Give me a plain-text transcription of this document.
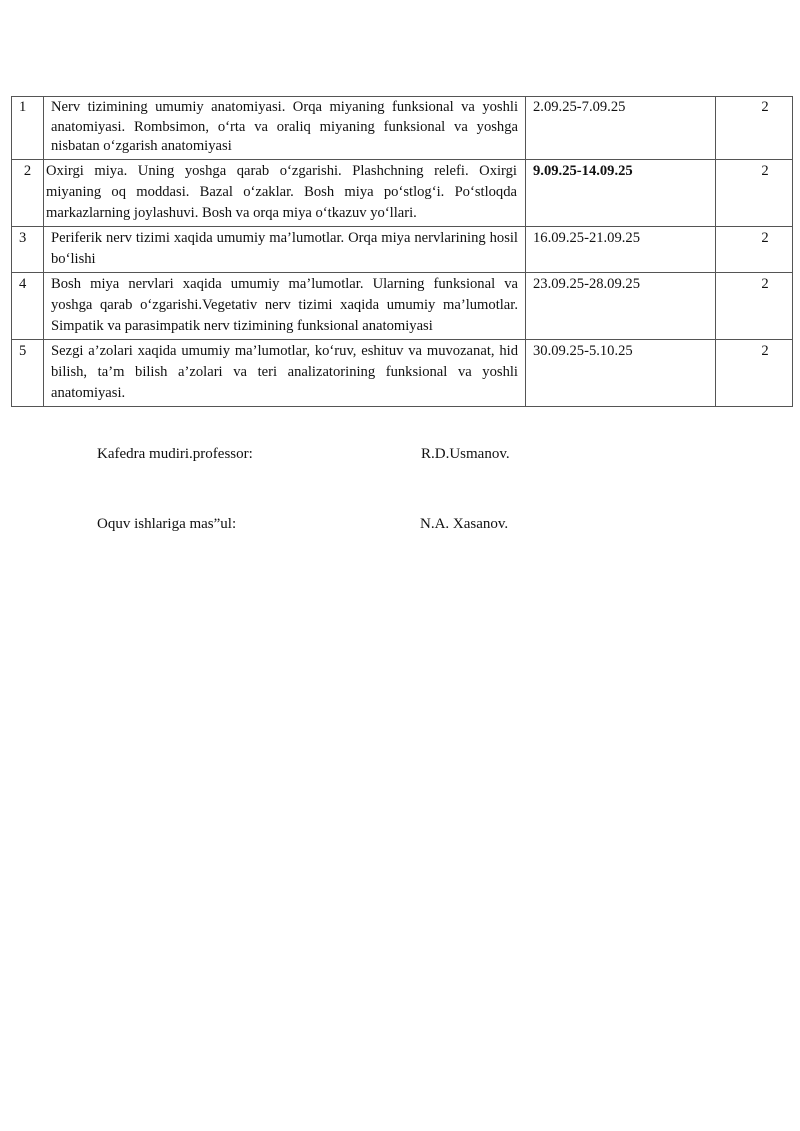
1	Nerv tizimining umumiy anatomiyasi. Orqa miyaning funksional va yoshli anatomiyasi. Rombsimon, o‘rta va oraliq miyaning funksional va yoshga nisbatan o‘zgarish anatomiyasi	2.09.25-7.09.25	2
2	Oxirgi miya. Uning yoshga qarab o‘zgarishi. Plashchning relefi. Oxirgi miyaning oq moddasi. Bazal o‘zaklar. Bosh miya po‘stlog‘i. Po‘stloqda markazlarning joylashuvi. Bosh va orqa miya o‘tkazuv yo‘llari.	9.09.25-14.09.25	2
3	Periferik nerv tizimi xaqida umumiy ma’lumotlar. Orqa miya nervlarining hosil bo‘lishi	16.09.25-21.09.25	2
4	Bosh miya nervlari xaqida umumiy ma’lumotlar. Ularning funksional va yoshga qarab o‘zgarishi.Vegetativ nerv tizimi xaqida umumiy ma’lumotlar. Simpatik va parasimpatik nerv tizimining funksional anatomiyasi	23.09.25-28.09.25	2
5	Sezgi a’zolari xaqida umumiy ma’lumotlar, ko‘ruv, eshituv va muvozanat, hid bilish, ta’m bilish a’zolari va teri analizatorining funksional va yoshli anatomiyasi.	30.09.25-5.10.25	2
Kafedra mudiri.professor:	R.D.Usmanov.
Oquv ishlariga mas”ul:	N.A. Xasanov.
